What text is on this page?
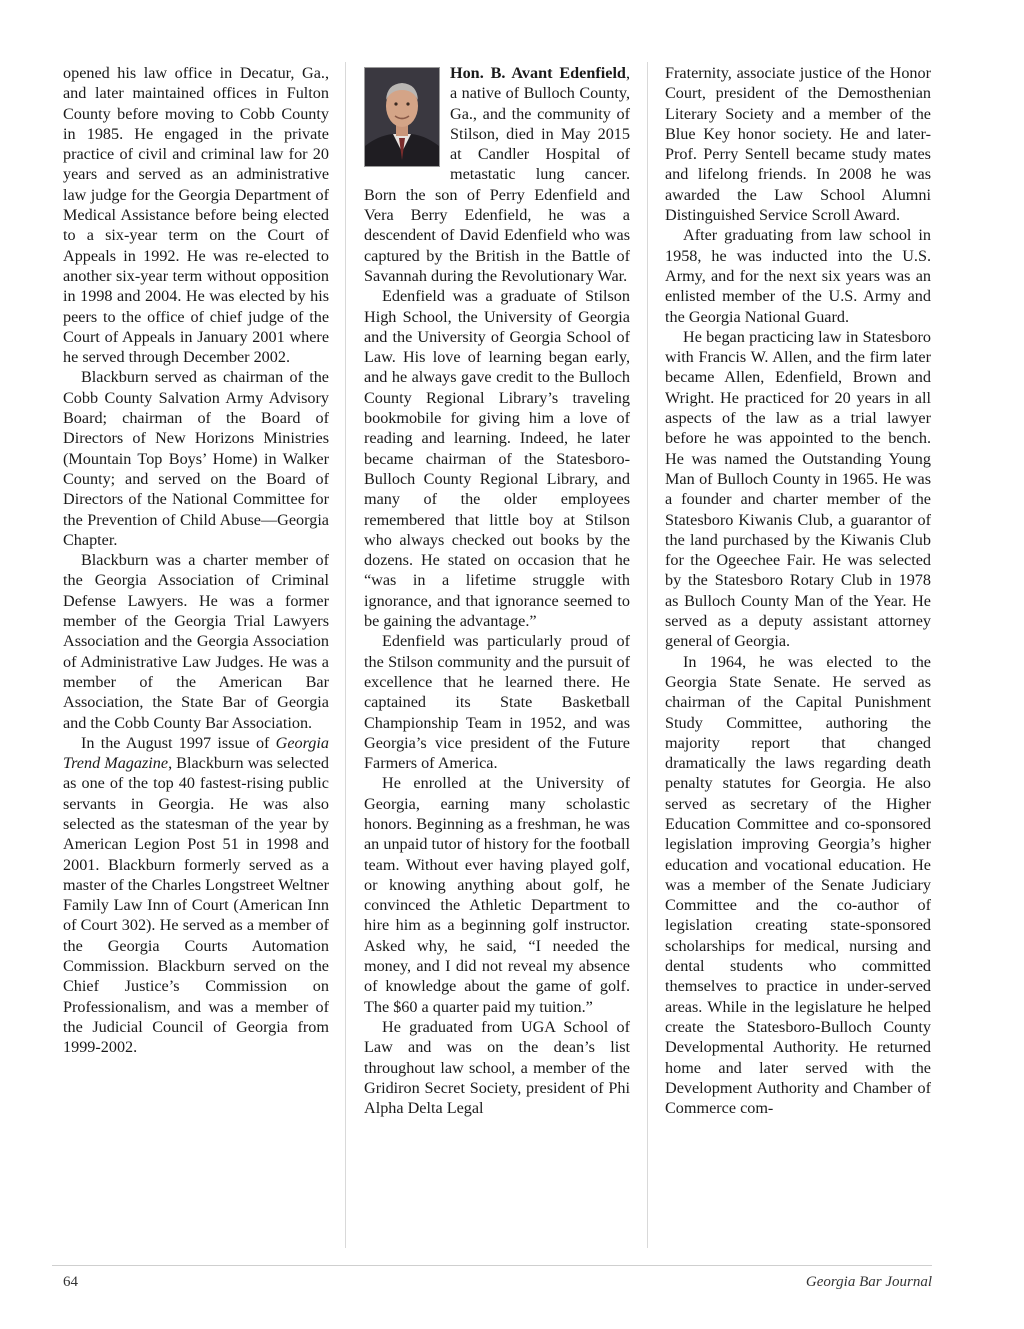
opened his law office in Decatur, Ga., and later maintained offices in Fulton County before moving to Cobb County in 1985. He engaged in the private practice of civil and criminal law for 20 years and served as an administrative law judge for the Georgia Department of Medical Assistance before being elected to a six-year term on the Court of Appeals in 1992. He was re-elected to another six-year term without opposition in 1998 and 2004. He was elected by his peers to the office of chief judge of the Court of Appeals in January 2001 where he served through December 2002.

Blackburn served as chairman of the Cobb County Salvation Army Advisory Board; chairman of the Board of Directors of New Horizons Ministries (Mountain Top Boys’ Home) in Walker County; and served on the Board of Directors of the National Committee for the Prevention of Child Abuse—Georgia Chapter.

Blackburn was a charter member of the Georgia Association of Criminal Defense Lawyers. He was a former member of the Georgia Trial Lawyers Association and the Georgia Association of Administrative Law Judges. He was a member of the American Bar Association, the State Bar of Georgia and the Cobb County Bar Association.

In the August 1997 issue of Georgia Trend Magazine, Blackburn was selected as one of the top 40 fastest-rising public servants in Georgia. He was also selected as the statesman of the year by American Legion Post 51 in 1998 and 2001. Blackburn formerly served as a master of the Charles Longstreet Weltner Family Law Inn of Court (American Inn of Court 302). He served as a member of the Georgia Courts Automation Commission. Blackburn served on the Chief Justice’s Commission on Professionalism, and was a member of the Judicial Council of Georgia from 1999-2002.

Hon. B. Avant Edenfield, a native of Bulloch County, Ga., and the community of Stilson, died in May 2015 at Candler Hospital of metastatic lung cancer. Born the son of Perry Edenfield and Vera Berry Edenfield, he was a descendent of David Edenfield who was captured by the British in the Battle of Savannah during the Revolutionary War.

Edenfield was a graduate of Stilson High School, the University of Georgia and the University of Georgia School of Law. His love of learning began early, and he always gave credit to the Bulloch County Regional Library’s traveling bookmobile for giving him a love of reading and learning. Indeed, he later became chairman of the Statesboro-Bulloch County Regional Library, and many of the older employees remembered that little boy at Stilson who always checked out books by the dozens. He stated on occasion that he “was in a lifetime struggle with ignorance, and that ignorance seemed to be gaining the advantage.”

Edenfield was particularly proud of the Stilson community and the pursuit of excellence that he learned there. He captained its State Basketball Championship Team in 1952, and was Georgia’s vice president of the Future Farmers of America.

He enrolled at the University of Georgia, earning many scholastic honors. Beginning as a freshman, he was an unpaid tutor of history for the football team. Without ever having played golf, or knowing anything about golf, he convinced the Athletic Department to hire him as a beginning golf instructor. Asked why, he said, “I needed the money, and I did not reveal my absence of knowledge about the game of golf. The $60 a quarter paid my tuition.”

He graduated from UGA School of Law and was on the dean’s list throughout law school, a member of the Gridiron Secret Society, president of Phi Alpha Delta Legal

Fraternity, associate justice of the Honor Court, president of the Demosthenian Literary Society and a member of the Blue Key honor society. He and later-Prof. Perry Sentell became study mates and lifelong friends. In 2008 he was awarded the Law School Alumni Distinguished Service Scroll Award.

After graduating from law school in 1958, he was inducted into the U.S. Army, and for the next six years was an enlisted member of the U.S. Army and the Georgia National Guard.

He began practicing law in Statesboro with Francis W. Allen, and the firm later became Allen, Edenfield, Brown and Wright. He practiced for 20 years in all aspects of the law as a trial lawyer before he was appointed to the bench. He was named the Outstanding Young Man of Bulloch County in 1965. He was a founder and charter member of the Statesboro Kiwanis Club, a guarantor of the land purchased by the Kiwanis Club for the Ogeechee Fair. He was selected by the Statesboro Rotary Club in 1978 as Bulloch County Man of the Year. He served as a deputy assistant attorney general of Georgia.

In 1964, he was elected to the Georgia State Senate. He served as chairman of the Capital Punishment Study Committee, authoring the majority report that changed dramatically the laws regarding death penalty statutes for Georgia. He also served as secretary of the Higher Education Committee and co-sponsored legislation improving Georgia’s higher education and vocational education. He was a member of the Senate Judiciary Committee and the co-author of legislation creating state-sponsored scholarships for medical, nursing and dental students who committed themselves to practice in under-served areas. While in the legislature he helped create the Statesboro-Bulloch County Developmental Authority. He returned home and later served with the Development Authority and Chamber of Commerce com-

64	Georgia Bar Journal
